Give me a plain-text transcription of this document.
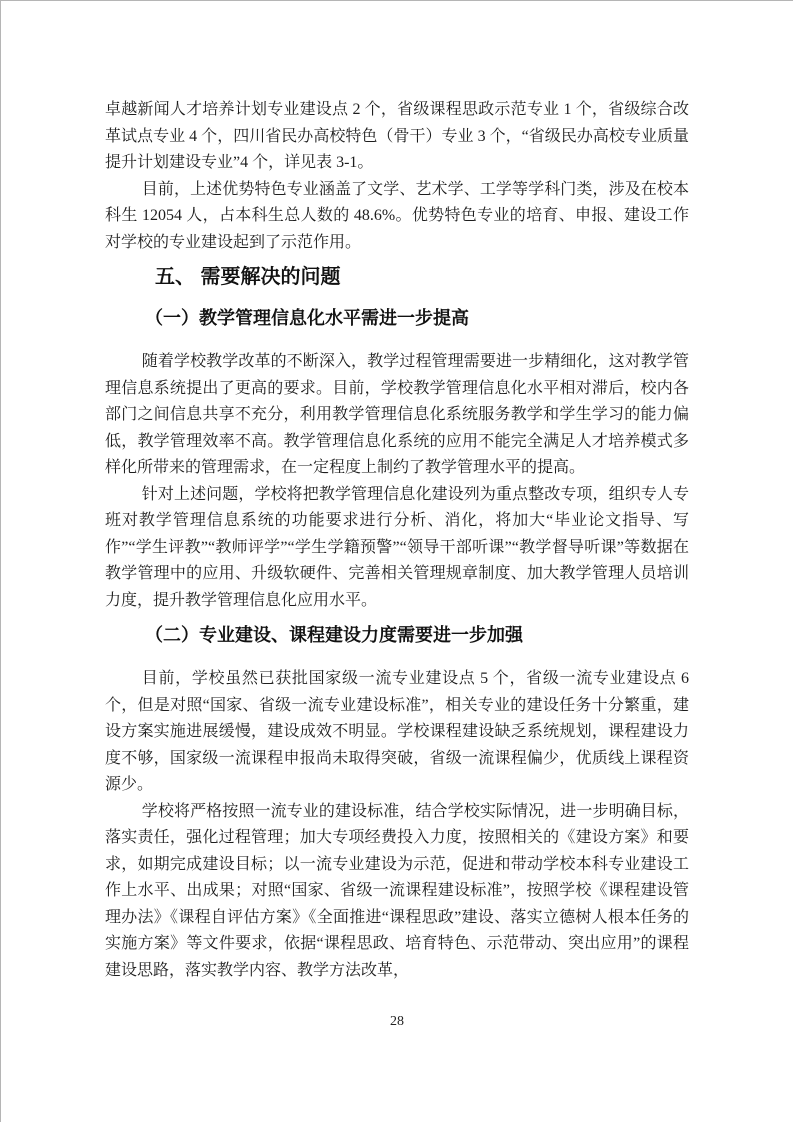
卓越新闻人才培养计划专业建设点 2 个，省级课程思政示范专业 1 个，省级综合改革试点专业 4 个，四川省民办高校特色（骨干）专业 3 个，“省级民办高校专业质量提升计划建设专业”4 个，详见表 3-1。

目前，上述优势特色专业涵盖了文学、艺术学、工学等学科门类，涉及在校本科生 12054 人，占本科生总人数的 48.6%。优势特色专业的培育、申报、建设工作对学校的专业建设起到了示范作用。

五、 需要解决的问题
（一）教学管理信息化水平需进一步提高

随着学校教学改革的不断深入，教学过程管理需要进一步精细化，这对教学管理信息系统提出了更高的要求。目前，学校教学管理信息化水平相对滞后，校内各部门之间信息共享不充分，利用教学管理信息化系统服务教学和学生学习的能力偏低，教学管理效率不高。教学管理信息化系统的应用不能完全满足人才培养模式多样化所带来的管理需求，在一定程度上制约了教学管理水平的提高。

针对上述问题，学校将把教学管理信息化建设列为重点整改专项，组织专人专班对教学管理信息系统的功能要求进行分析、消化，将加大“毕业论文指导、写作”“学生评教”“教师评学”“学生学籍预警”“领导干部听课”“教学督导听课”等数据在教学管理中的应用、升级软硬件、完善相关管理规章制度、加大教学管理人员培训力度，提升教学管理信息化应用水平。

（二）专业建设、课程建设力度需要进一步加强

目前，学校虽然已获批国家级一流专业建设点 5 个，省级一流专业建设点 6 个，但是对照“国家、省级一流专业建设标准”，相关专业的建设任务十分繁重，建设方案实施进展缓慢，建设成效不明显。学校课程建设缺乏系统规划，课程建设力度不够，国家级一流课程申报尚未取得突破，省级一流课程偏少，优质线上课程资源少。

学校将严格按照一流专业的建设标准，结合学校实际情况，进一步明确目标，落实责任，强化过程管理；加大专项经费投入力度，按照相关的《建设方案》和要求，如期完成建设目标；以一流专业建设为示范，促进和带动学校本科专业建设工作上水平、出成果；对照“国家、省级一流课程建设标准”，按照学校《课程建设管理办法》《课程自评估方案》《全面推进“课程思政”建设、落实立德树人根本任务的实施方案》等文件要求，依据“课程思政、培育特色、示范带动、突出应用”的课程建设思路，落实教学内容、教学方法改革，

28
